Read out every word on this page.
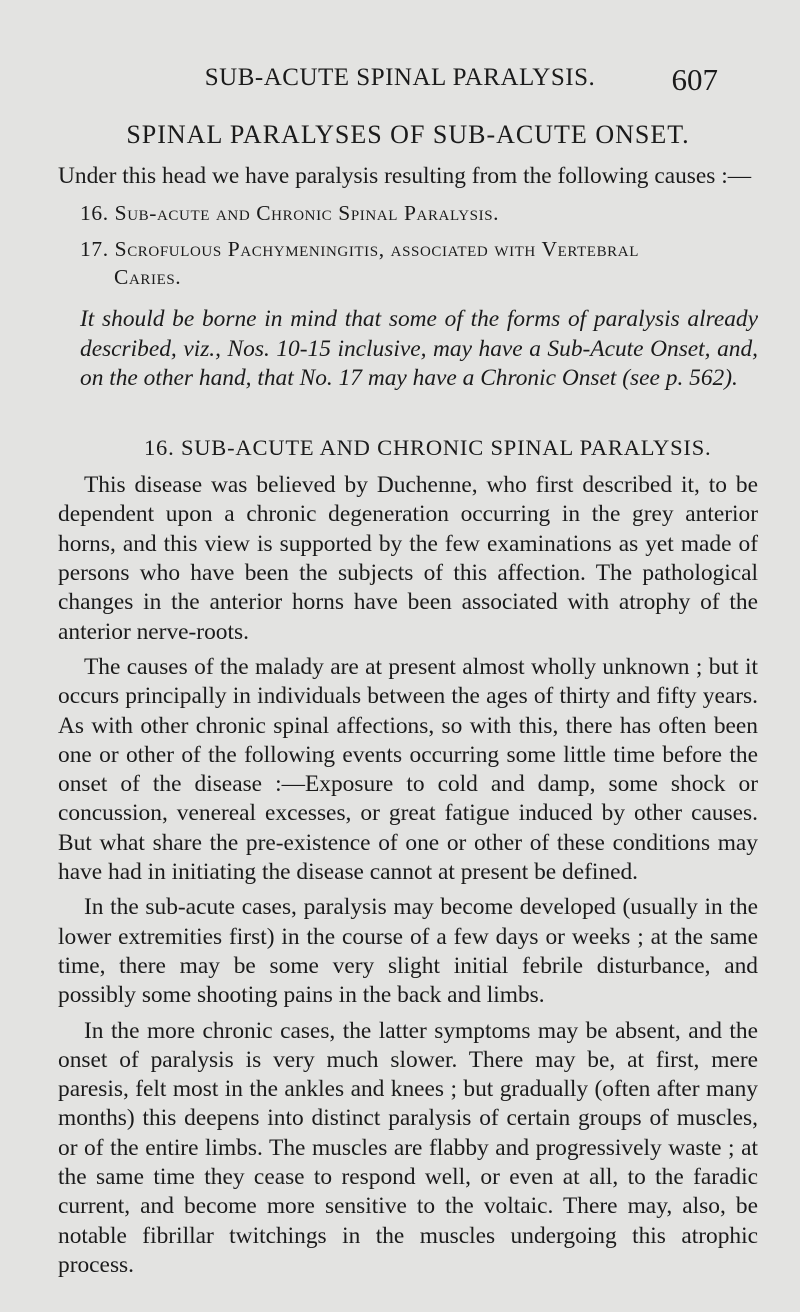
SUB-ACUTE SPINAL PARALYSIS.	607
SPINAL PARALYSES OF SUB-ACUTE ONSET.

Under this head we have paralysis resulting from the following causes :—

16. Sub-acute and Chronic Spinal Paralysis.
17. Scrofulous Pachymeningitis, associated with Vertebral
Caries.

It should be borne in mind that some of the forms of paralysis already described, viz., Nos. 10-15 inclusive, may have a Sub-Acute Onset, and, on the other hand, that No. 17 may have a Chronic Onset (see p. 562).

16. SUB-ACUTE AND CHRONIC SPINAL PARALYSIS.

This disease was believed by Duchenne, who first described it, to be dependent upon a chronic degeneration occurring in the grey anterior horns, and this view is supported by the few examinations as yet made of persons who have been the subjects of this affection. The pathological changes in the anterior horns have been associated with atrophy of the anterior nerve-roots.

The causes of the malady are at present almost wholly unknown ; but it occurs principally in individuals between the ages of thirty and fifty years. As with other chronic spinal affections, so with this, there has often been one or other of the following events occurring some little time before the onset of the disease :—Exposure to cold and damp, some shock or concussion, venereal excesses, or great fatigue induced by other causes. But what share the pre-existence of one or other of these conditions may have had in initiating the disease cannot at present be defined.

In the sub-acute cases, paralysis may become developed (usually in the lower extremities first) in the course of a few days or weeks ; at the same time, there may be some very slight initial febrile disturbance, and possibly some shooting pains in the back and limbs.

In the more chronic cases, the latter symptoms may be absent, and the onset of paralysis is very much slower. There may be, at first, mere paresis, felt most in the ankles and knees ; but gradually (often after many months) this deepens into distinct paralysis of certain groups of muscles, or of the entire limbs. The muscles are flabby and progressively waste ; at the same time they cease to respond well, or even at all, to the faradic current, and become more sensitive to the voltaic. There may, also, be notable fibrillar twitchings in the muscles undergoing this atrophic process.
